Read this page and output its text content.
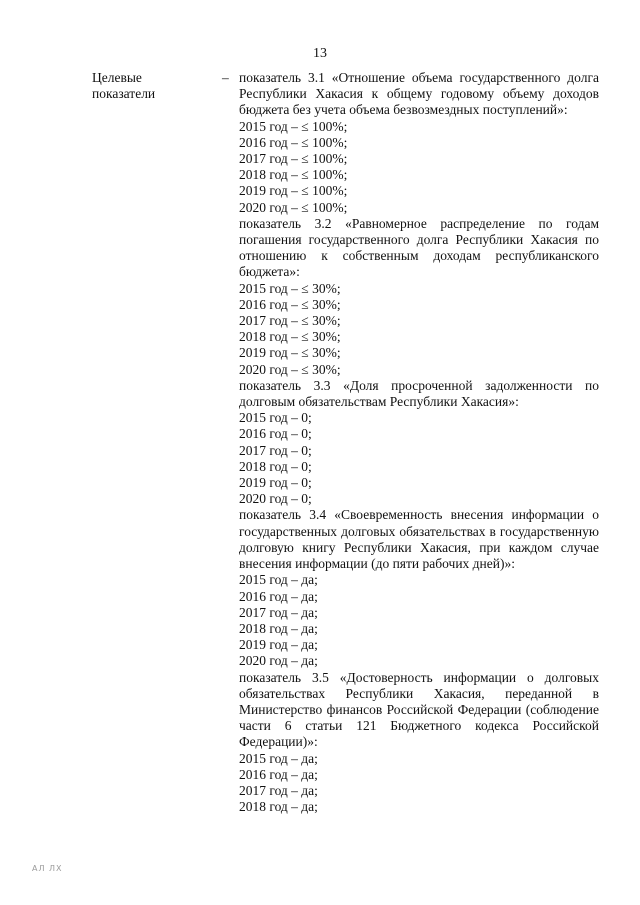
13
Целевые
показатели
– показатель 3.1 «Отношение объема государственного долга Республики Хакасия к общему годовому объему доходов бюджета без учета объема безвозмездных поступлений»:
2015 год – ≤ 100%;
2016 год – ≤ 100%;
2017 год – ≤ 100%;
2018 год – ≤ 100%;
2019 год – ≤ 100%;
2020 год – ≤ 100%;
показатель 3.2 «Равномерное распределение по годам погашения государственного долга Республики Хакасия по отношению к собственным доходам республиканского бюджета»:
2015 год – ≤ 30%;
2016 год – ≤ 30%;
2017 год – ≤ 30%;
2018 год – ≤ 30%;
2019 год – ≤ 30%;
2020 год – ≤ 30%;
показатель 3.3 «Доля просроченной задолженности по долговым обязательствам Республики Хакасия»:
2015 год – 0;
2016 год – 0;
2017 год – 0;
2018 год – 0;
2019 год – 0;
2020 год – 0;
показатель 3.4 «Своевременность внесения информации о государственных долговых обязательствах в государственную долговую книгу Республики Хакасия, при каждом случае внесения информации (до пяти рабочих дней)»:
2015 год – да;
2016 год – да;
2017 год – да;
2018 год – да;
2019 год – да;
2020 год – да;
показатель 3.5 «Достоверность информации о долговых обязательствах Республики Хакасия, переданной в Министерство финансов Российской Федерации (соблюдение части 6 статьи 121 Бюджетного кодекса Российской Федерации)»:
2015 год – да;
2016 год – да;
2017 год – да;
2018 год – да;
АЛ ЛХ
